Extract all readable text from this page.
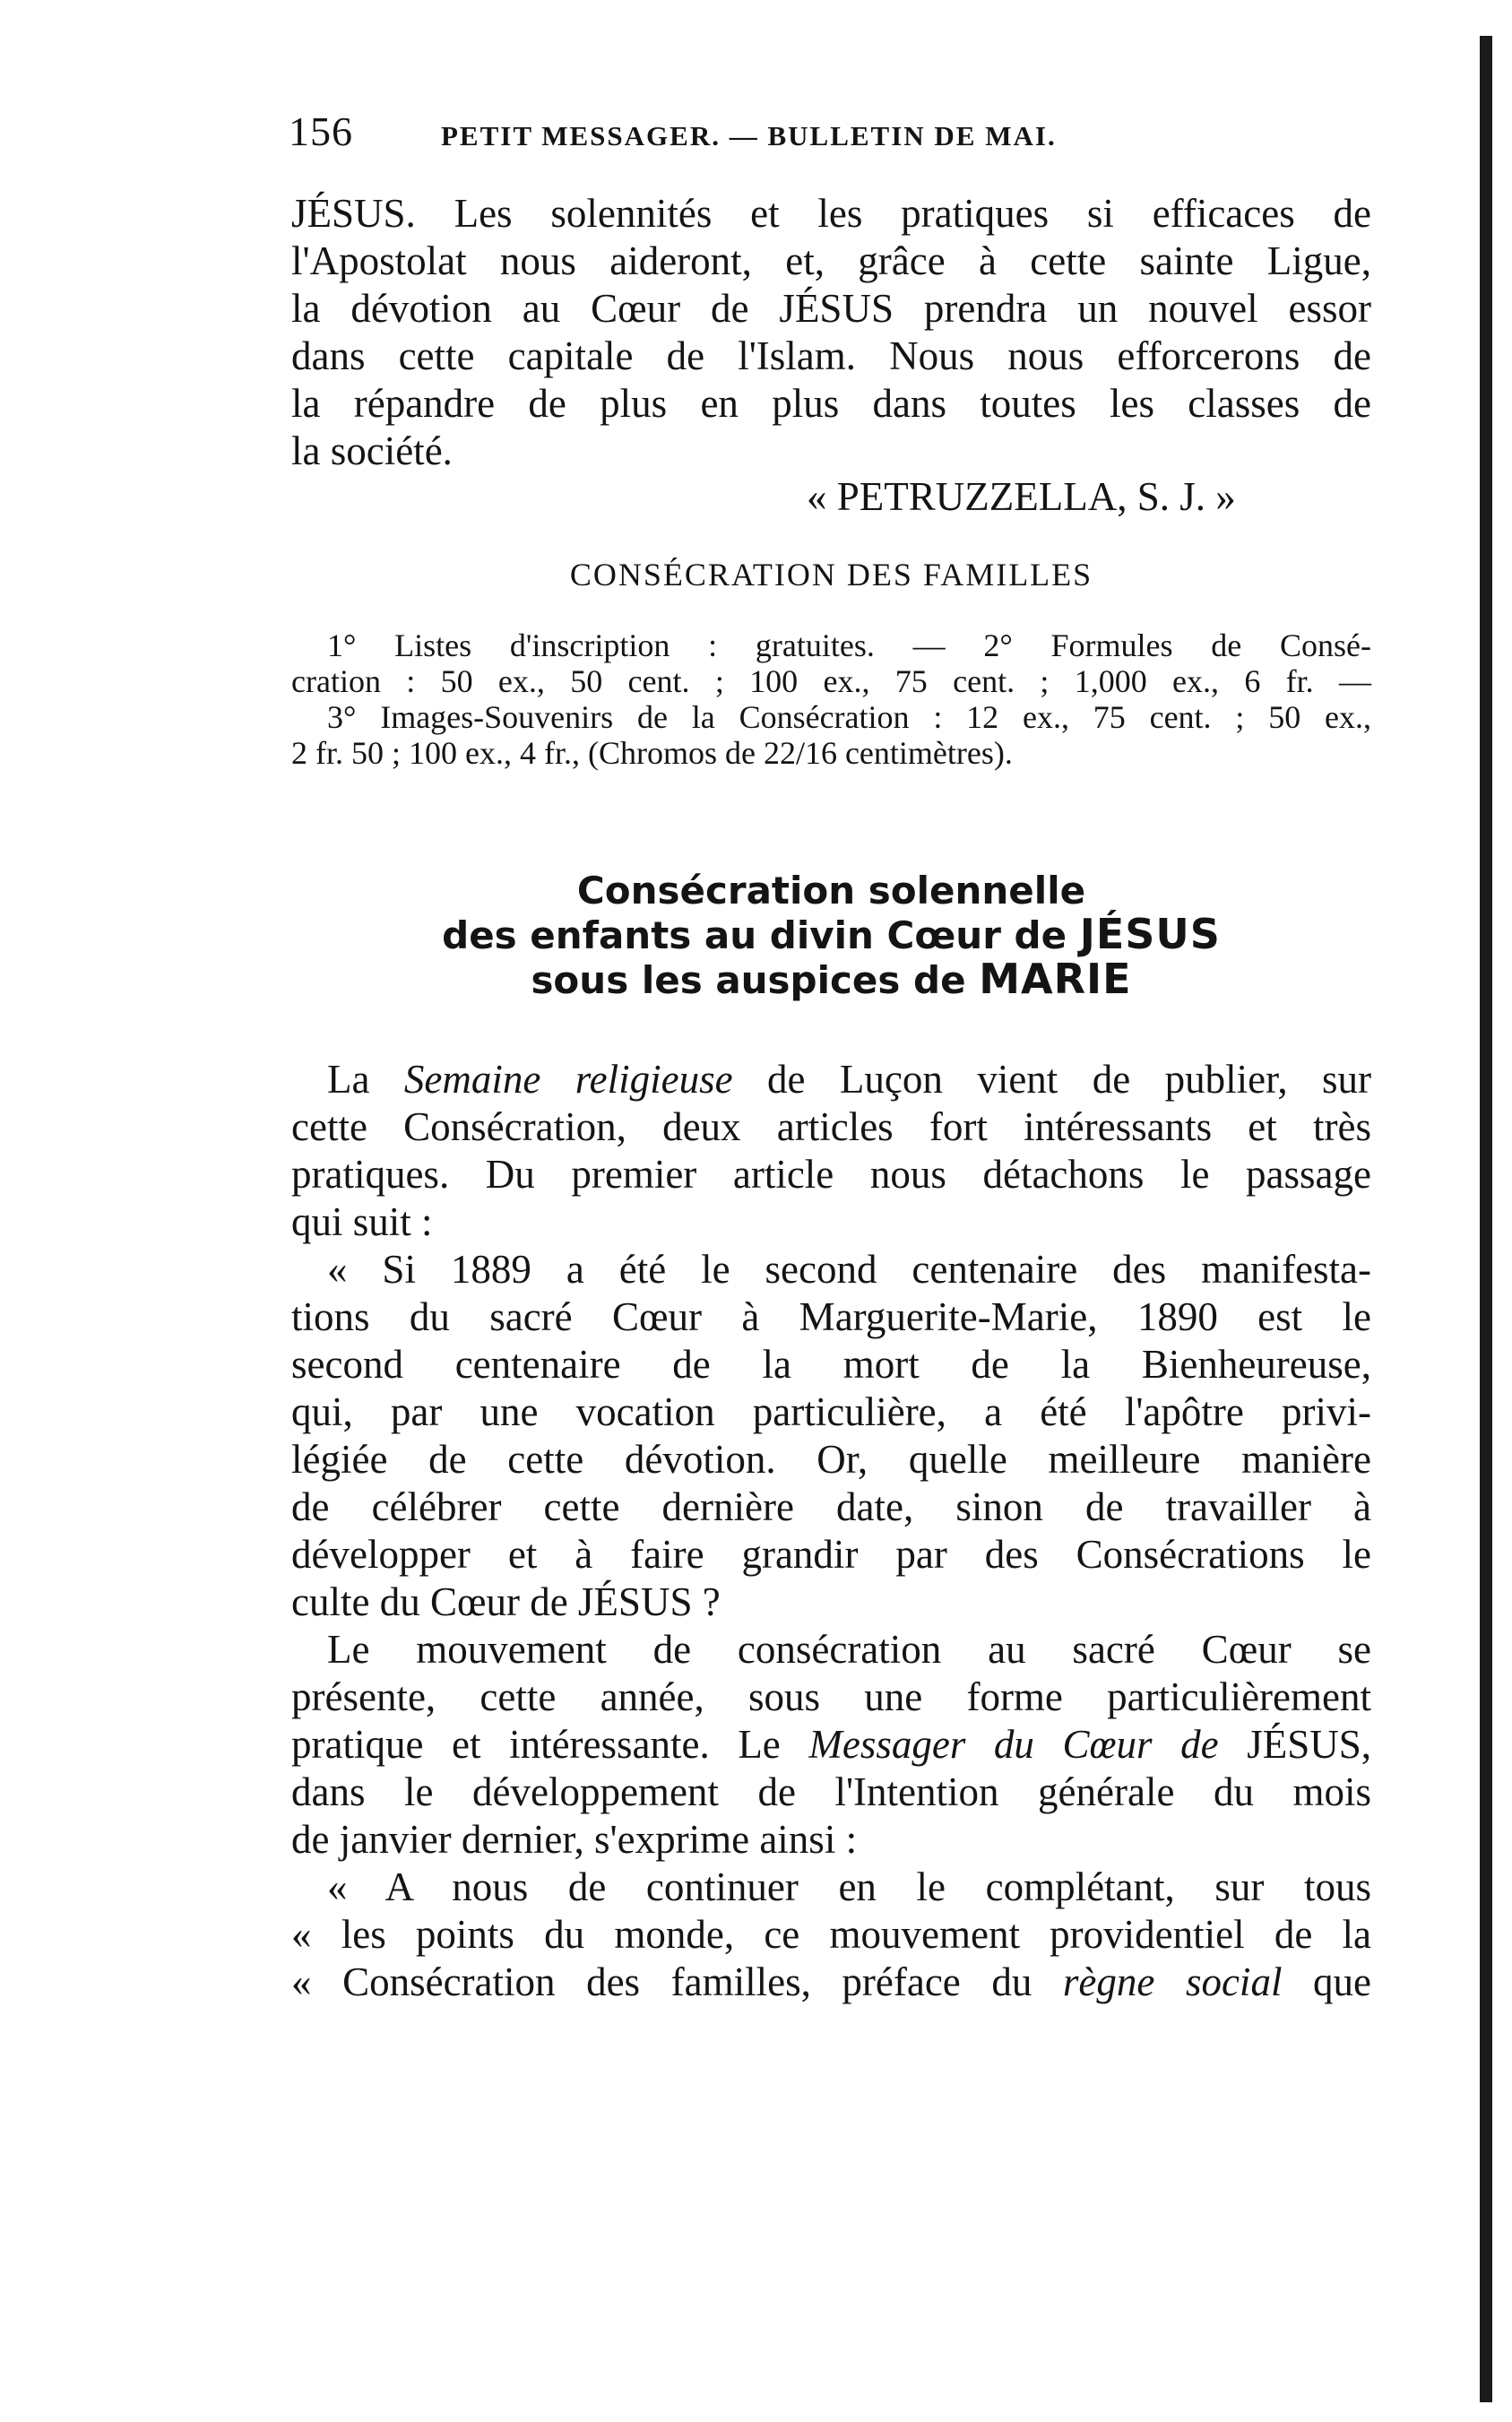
156	PETIT MESSAGER. — BULLETIN DE MAI.
JÉSUS. Les solennités et les pratiques si efficaces de
l'Apostolat nous aideront, et, grâce à cette sainte Ligue,
la dévotion au Cœur de JÉSUS prendra un nouvel essor
dans cette capitale de l'Islam. Nous nous efforcerons de
la répandre de plus en plus dans toutes les classes de
la société.
« PETRUZZELLA, S. J. »
CONSÉCRATION DES FAMILLES
1° Listes d'inscription : gratuites. — 2° Formules de Consé-
cration : 50 ex., 50 cent. ; 100 ex., 75 cent. ; 1,000 ex., 6 fr. —
3° Images-Souvenirs de la Consécration : 12 ex., 75 cent. ; 50 ex.,
2 fr. 50 ; 100 ex., 4 fr., (Chromos de 22/16 centimètres).
Consécration solennelle
des enfants au divin Cœur de JÉSUS
sous les auspices de MARIE
La Semaine religieuse de Luçon vient de publier, sur
cette Consécration, deux articles fort intéressants et très
pratiques. Du premier article nous détachons le passage
qui suit :
« Si 1889 a été le second centenaire des manifesta-
tions du sacré Cœur à Marguerite-Marie, 1890 est le
second centenaire de la mort de la Bienheureuse,
qui, par une vocation particulière, a été l'apôtre privi-
légiée de cette dévotion. Or, quelle meilleure manière
de célébrer cette dernière date, sinon de travailler à
développer et à faire grandir par des Consécrations le
culte du Cœur de JÉSUS ?
Le mouvement de consécration au sacré Cœur se
présente, cette année, sous une forme particulièrement
pratique et intéressante. Le Messager du Cœur de JÉSUS,
dans le développement de l'Intention générale du mois
de janvier dernier, s'exprime ainsi :
« A nous de continuer en le complétant, sur tous
« les points du monde, ce mouvement providentiel de la
« Consécration des familles, préface du règne social que
